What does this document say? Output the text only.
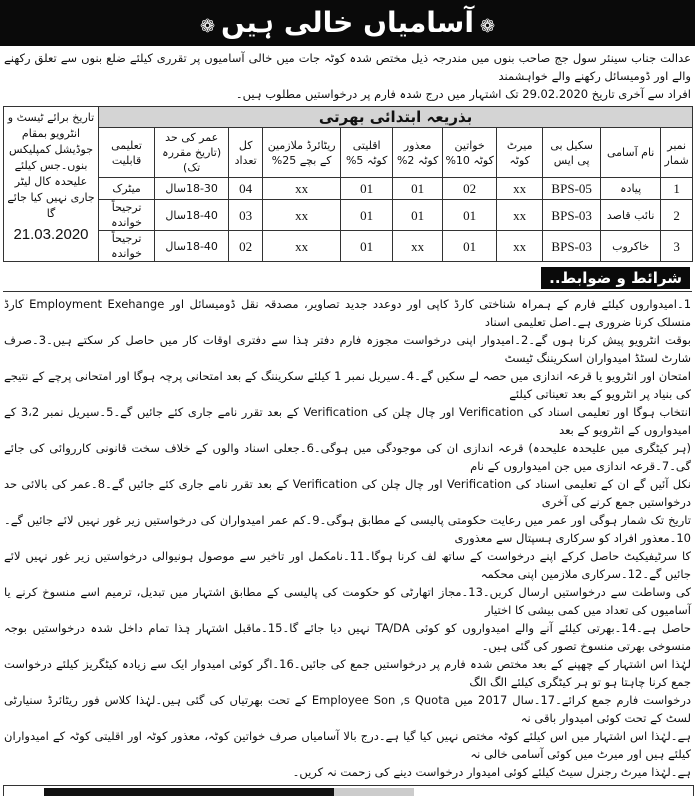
❁آسامیاں خالی ہیں❁
عدالت جناب سینئر سول جج صاحب بنوں میں مندرجہ ذیل مختص شدہ کوٹہ جات میں خالی آسامیوں پر تقرری کیلئے ضلع بنوں سے تعلق رکھنے والے اور ڈومیسائل رکھنے والے خواہشمند
افراد سے آخری تاریخ 29.02.2020 تک اشتہار میں درج شدہ فارم پر درخواستیں مطلوب ہیں۔
بذریعہ ابتدائی بھرتی											تاریخ برائے ٹیسٹ و انٹرویو بمقام جوڈیشل کمپلیکس بنوں۔جس کیلئے علیحدہ کال لیٹر جاری نہیں کیا جائے گا
21.03.2020

نمبر شمار	نام آسامی	سکیل بی پی ایس	میرٹ کوٹہ	خواتین کوٹہ 10%	معذور کوٹہ 2%	اقلیتی کوٹہ 5%	ریٹائرڈ ملازمین کے بچے 25%	کل تعداد	عمر کی حد (تاریخ مقررہ تک)	تعلیمی قابلیت	
1	پیادہ	BPS-05	xx	02	01	01	xx	04	18-30سال	میٹرک	
2	نائب قاصد	BPS-03	xx	01	01	01	xx	03	18-40سال	ترجیحاً خواندہ	
3	خاکروب	BPS-03	xx	01	xx	01	xx	02	18-40سال	ترجیحاً خواندہ	
شرائط و ضوابط..
1۔امیدواروں کیلئے فارم کے ہمراہ شناختی کارڈ کاپی اور دوعدد جدید تصاویر، مصدقہ نقل ڈومیسائل اور Employment Exehange کارڈ منسلک کرنا ضروری ہے۔اصل تعلیمی اسناد
بوقت انٹرویو پیش کرنا ہوں گے۔2۔امیدوار اپنی درخواست مجوزہ فارم دفتر ہٰذا سے دفتری اوقات کار میں حاصل کر سکتے ہیں۔3۔صرف شارٹ لسٹڈ امیدواران اسکریننگ ٹیسٹ
امتحان اور انٹرویو یا قرعہ اندازی میں حصہ لے سکیں گے۔4۔سیریل نمبر 1 کیلئے سکریننگ کے بعد امتحانی پرچہ ہوگا اور امتحانی پرچے کے نتیجے کی بنیاد پر انٹرویو کے بعد تعیناتی کیلئے
انتخاب ہوگا اور تعلیمی اسناد کی Verification اور چال چلن کی Verification کے بعد تقرر نامے جاری کئے جائیں گے۔5۔سیریل نمبر 3،2 کے امیدواروں کے انٹرویو کے بعد
(ہر کیٹگری میں علیحدہ علیحدہ) قرعہ اندازی ان کی موجودگی میں ہوگی۔6۔جعلی اسناد والوں کے خلاف سخت قانونی کارروائی کی جائے گی۔7۔قرعہ اندازی میں جن امیدواروں کے نام
نکل آئیں گے ان کے تعلیمی اسناد کی Verification اور چال چلن کی Verification کے بعد تقرر نامے جاری کئے جائیں گے۔8۔عمر کی بالائی حد درخواستیں جمع کرنے کی آخری
تاریخ تک شمار ہوگی اور عمر میں رعایت حکومتی پالیسی کے مطابق ہوگی۔9۔کم عمر امیدواران کی درخواستیں زیر غور نہیں لائے جائیں گے۔10۔معذور افراد کو سرکاری ہسپتال سے معذوری
کا سرٹیفیکیٹ حاصل کرکے اپنے درخواست کے ساتھ لف کرنا ہوگا۔11۔نامکمل اور تاخیر سے موصول ہونیوالی درخواستیں زیر غور نہیں لائے جائیں گے۔12۔سرکاری ملازمین اپنی محکمہ
کی وساطت سے درخواستیں ارسال کریں۔13۔مجاز اتھارٹی کو حکومت کی پالیسی کے مطابق اشتہار میں تبدیل، ترمیم اسے منسوخ کرنے یا آسامیوں کی تعداد میں کمی بیشی کا اختیار
حاصل ہے۔14۔بھرتی کیلئے آنے والے امیدواروں کو کوئی TA/DA نہیں دیا جائے گا۔15۔ماقبل اشتہار ہٰذا تمام داخل شدہ درخواستیں بوجہ منسوخی بھرتی منسوخ تصور کی گئی ہیں۔
لہٰذا اس اشتہار کے چھپنے کے بعد مختص شدہ فارم پر درخواستیں جمع کی جائیں۔16۔اگر کوئی امیدوار ایک سے زیادہ کیٹگریز کیلئے درخواست جمع کرنا چاہتا ہو تو ہر کیٹگری کیلئے الگ الگ
درخواست فارم جمع کرائے۔17۔سال 2017 میں Employee Son ,s Quota کے تحت بھرتیاں کی گئی ہیں۔لہٰذا کلاس فور ریٹائرڈ سنیارٹی لسٹ کے تحت کوئی امیدوار باقی نہ
ہے۔لہٰذا اس اشتہار میں اس کیلئے کوٹہ مختص نہیں کیا گیا ہے۔درج بالا آسامیاں صرف خواتین کوٹہ، معذور کوٹہ اور اقلیتی کوٹہ کے امیدواران کیلئے ہیں اور میرٹ میں کوئی آسامی خالی نہ
ہے۔لہٰذا میرٹ رجنرل سیٹ کیلئے کوئی امیدوار درخواست دینے کی زحمت نہ کریں۔
